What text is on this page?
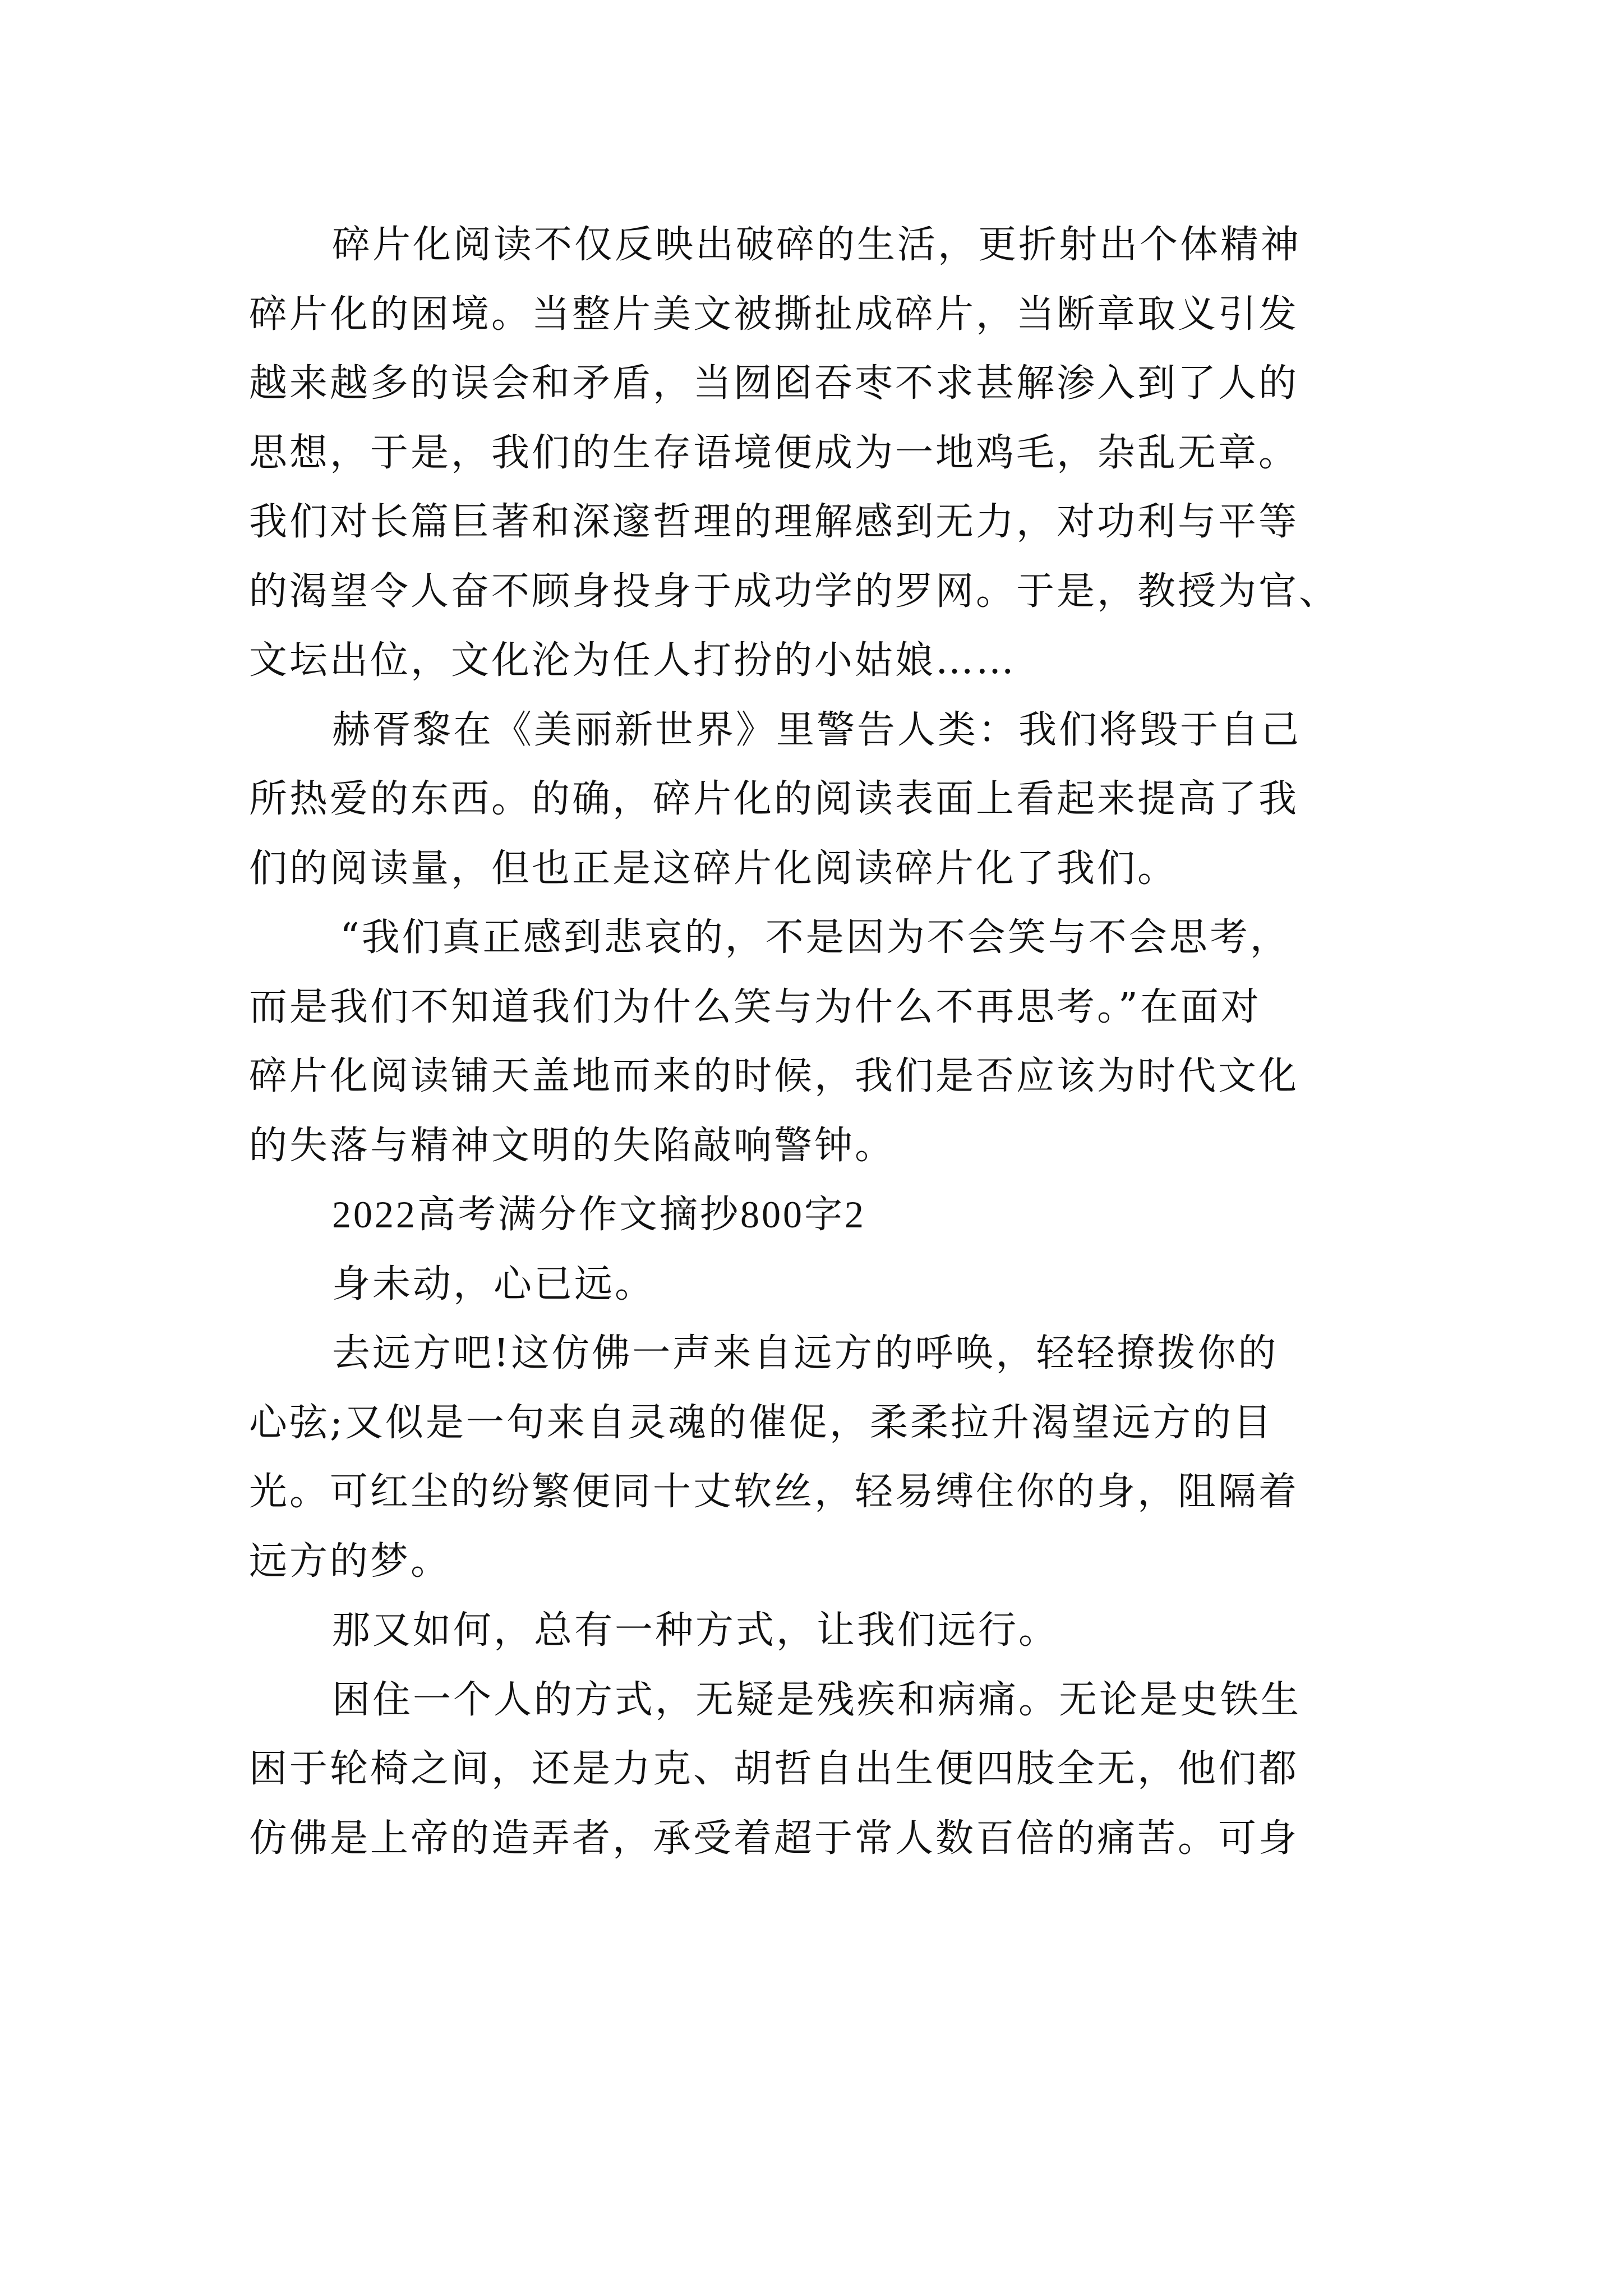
碎片化阅读不仅反映出破碎的生活，更折射出个体精神
碎片化的困境。当整片美文被撕扯成碎片，当断章取义引发
越来越多的误会和矛盾，当囫囵吞枣不求甚解渗入到了人的
思想，于是，我们的生存语境便成为一地鸡毛，杂乱无章。
我们对长篇巨著和深邃哲理的理解感到无力，对功利与平等
的渴望令人奋不顾身投身于成功学的罗网。于是，教授为官、
文坛出位，文化沦为任人打扮的小姑娘……
赫胥黎在《美丽新世界》里警告人类：我们将毁于自己
所热爱的东西。的确，碎片化的阅读表面上看起来提高了我
们的阅读量，但也正是这碎片化阅读碎片化了我们。
“我们真正感到悲哀的，不是因为不会笑与不会思考，
而是我们不知道我们为什么笑与为什么不再思考。”在面对
碎片化阅读铺天盖地而来的时候，我们是否应该为时代文化
的失落与精神文明的失陷敲响警钟。
2022高考满分作文摘抄800字2
身未动，心已远。
去远方吧!这仿佛一声来自远方的呼唤，轻轻撩拨你的
心弦;又似是一句来自灵魂的催促，柔柔拉升渴望远方的目
光。可红尘的纷繁便同十丈软丝，轻易缚住你的身，阻隔着
远方的梦。
那又如何，总有一种方式，让我们远行。
困住一个人的方式，无疑是残疾和病痛。无论是史铁生
困于轮椅之间，还是力克、胡哲自出生便四肢全无，他们都
仿佛是上帝的造弄者，承受着超于常人数百倍的痛苦。可身
